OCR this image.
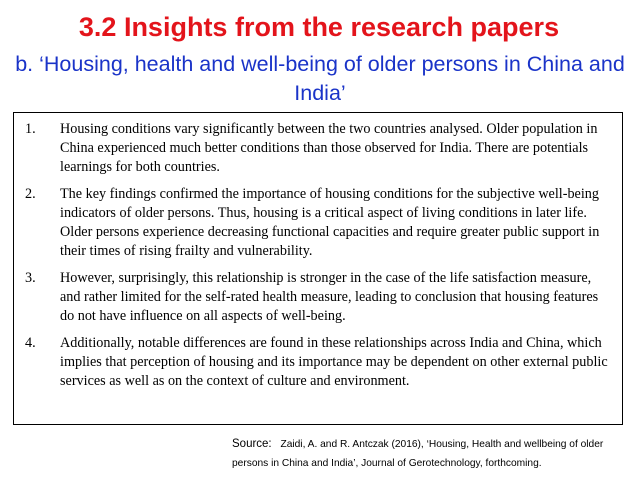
3.2 Insights from the research papers
b. ‘Housing, health and well-being of older persons in China and India’
1.	Housing conditions vary significantly between the two countries analysed. Older population in China experienced much better conditions than those observed for India. There are potentials learnings for both countries.
2.	The key findings confirmed the importance of housing conditions for the subjective well-being indicators of older persons. Thus, housing is a critical aspect of living conditions in later life. Older persons experience decreasing functional capacities and require greater public support in their times of rising frailty and vulnerability.
3.	However, surprisingly, this relationship is stronger in the case of the life satisfaction measure, and rather limited for the self-rated health measure, leading to conclusion that housing features do not have influence on all aspects of well-being.
4.	Additionally, notable differences are found in these relationships across India and China, which implies that perception of housing and its importance may be dependent on other external public services as well as on the context of culture and environment.
Source: Zaidi, A. and R. Antczak (2016), ‘Housing, Health and wellbeing of older persons in China and India’, Journal of Gerotechnology, forthcoming.
